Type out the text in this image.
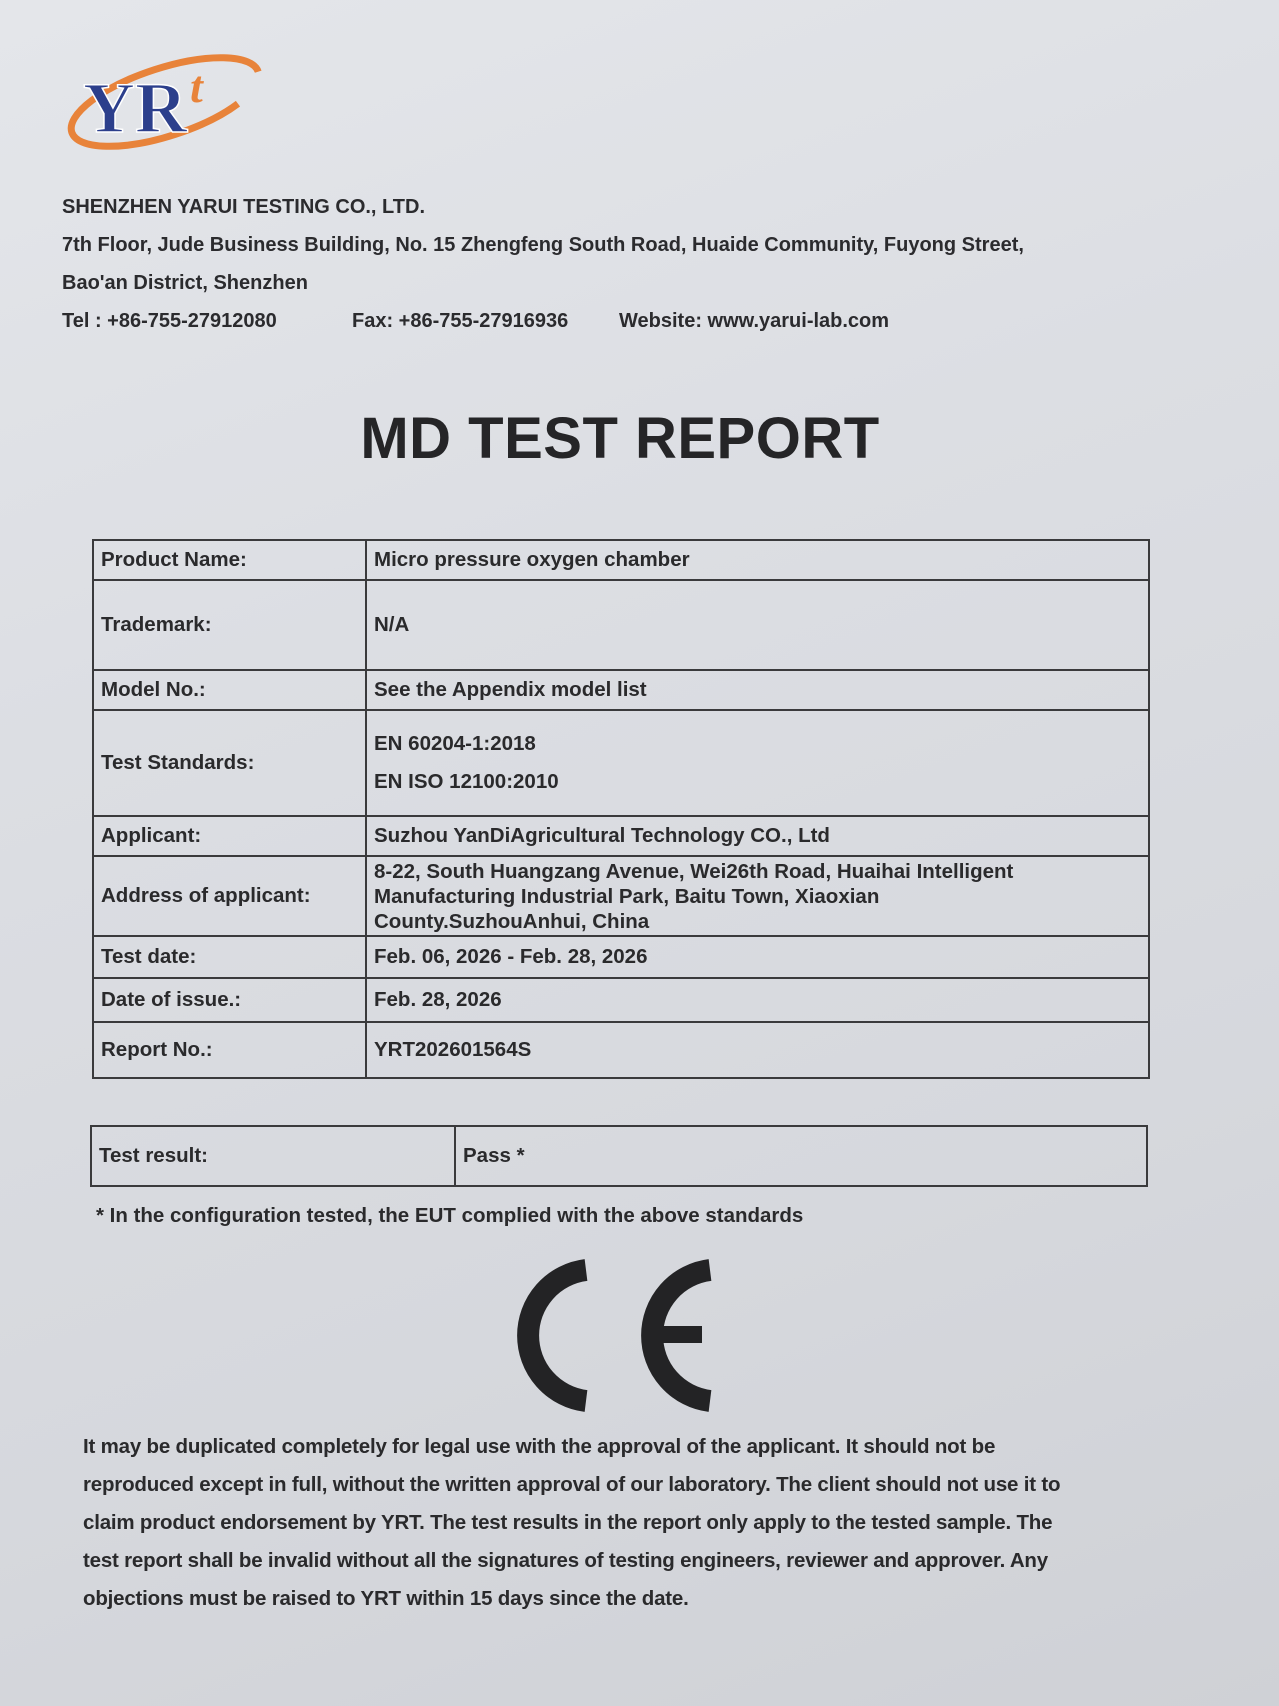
YR t
SHENZHEN YARUI TESTING CO., LTD.
7th Floor, Jude Business Building, No. 15 Zhengfeng South Road, Huaide Community, Fuyong Street,
Bao'an District, Shenzhen
Tel : +86-755-27912080	Fax: +86-755-27916936	Website: www.yarui-lab.com
MD TEST REPORT
Product Name:	Micro pressure oxygen chamber
Trademark:	N/A
Model No.:	See the Appendix model list
Test Standards:	EN 60204-1:2018
EN ISO 12100:2010

Applicant:	Suzhou YanDiAgricultural Technology CO., Ltd
Address of applicant:	8-22, South Huangzang Avenue, Wei26th Road, Huaihai Intelligent
Manufacturing Industrial Park, Baitu Town, Xiaoxian
County.SuzhouAnhui, China

Test date:	Feb. 06, 2026 - Feb. 28, 2026
Date of issue.:	Feb. 28, 2026
Report No.:	YRT202601564S
Test result:	Pass *
* In the configuration tested, the EUT complied with the above standards
It may be duplicated completely for legal use with the approval of the applicant. It should not be
reproduced except in full, without the written approval of our laboratory. The client should not use it to
claim product endorsement by YRT. The test results in the report only apply to the tested sample. The
test report shall be invalid without all the signatures of testing engineers, reviewer and approver. Any
objections must be raised to YRT within 15 days since the date.
